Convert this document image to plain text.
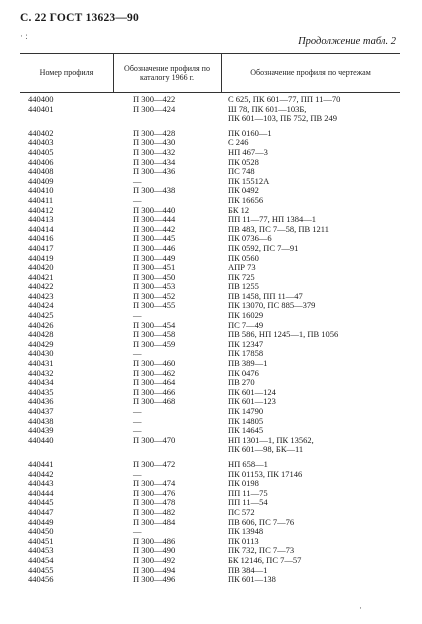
С. 22 ГОСТ 13623—90
· :	Продолжение табл. 2
Номер профиля
Обозначение профиля по каталогу 1966 г.
Обозначение профиля по чертежам
440400	П 300—422	С 625, ПК 601—77, ПП 11—70
440401	П 300—424	Ш 78, ПК 601—103Б,
ПК 601—103, ПБ 752, ПВ 249
440402	П 300—428	ПК 0160—1
440403	П 300—430	С 246
440405	П 300—432	НП 467—3
440406	П 300—434	ПК 0528
440408	П 300—436	ПС 748
440409	—	ПК 15512А
440410	П 300—438	ПК 0492
440411	—	ПК 16656
440412	П 300—440	БК 12
440413	П 300—444	ПП 11—77, НП 1384—1
440414	П 300—442	ПВ 483, ПС 7—58, ПВ 1211
440416	П 300—445	ПК 0736—6
440417	П 300—446	ПК 0592, ПС 7—91
440419	П 300—449	ПК 0560
440420	П 300—451	АПР 73
440421	П 300—450	ПК 725
440422	П 300—453	ПВ 1255
440423	П 300—452	ПВ 1458, ПП 11—47
440424	П 300—455	ПК 13070, ПС 885—379
440425	—	ПК 16029
440426	П 300—454	ПС 7—49
440428	П 300—458	ПВ 586, НП 1245—1, ПВ 1056
440429	П 300—459	ПК 12347
440430	—	ПК 17858
440431	П 300—460	ПВ 389—1
440432	П 300—462	ПК 0476
440434	П 300—464	ПВ 270
440435	П 300—466	ПК 601—124
440436	П 300—468	ПК 601—123
440437	—	ПК 14790
440438	—	ПК 14805
440439	—	ПК 14645
440440	П 300—470	НП 1301—1, ПК 13562,
ПК 601—98, БК—11
440441	П 300—472	НП 658—1
440442	—	ПК 01153, ПК 17146
440443	П 300—474	ПК 0198
440444	П 300—476	ПП 11—75
440445	П 300—478	ПП 11—54
440447	П 300—482	ПС 572
440449	П 300—484	ПВ 606, ПС 7—76
440450	—	ПК 13948
440451	П 300—486	ПК 0113
440453	П 300—490	ПК 732, ПС 7—73
440454	П 300—492	БК 12146, ПС 7—57
440455	П 300—494	ПВ 384—1
440456	П 300—496	ПК 601—138
·
